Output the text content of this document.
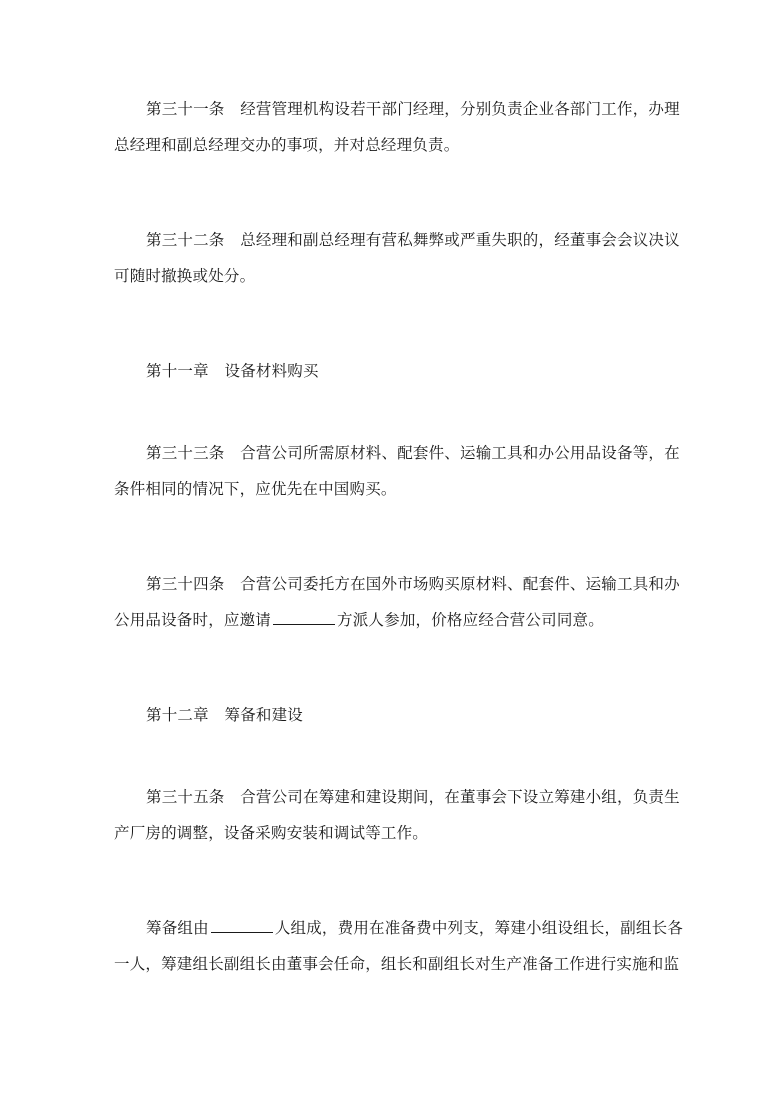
第三十一条　经营管理机构设若干部门经理，分别负责企业各部门工作，办理
总经理和副总经理交办的事项，并对总经理负责。

第三十二条　总经理和副总经理有营私舞弊或严重失职的，经董事会会议决议
可随时撤换或处分。

第十一章　设备材料购买

第三十三条　合营公司所需原材料、配套件、运输工具和办公用品设备等，在
条件相同的情况下，应优先在中国购买。

第三十四条　合营公司委托方在国外市场购买原材料、配套件、运输工具和办
公用品设备时，应邀请	方派人参加，价格应经合营公司同意。

第十二章　筹备和建设

第三十五条　合营公司在筹建和建设期间，在董事会下设立筹建小组，负责生
产厂房的调整，设备采购安装和调试等工作。

筹备组由	人组成，费用在准备费中列支，筹建小组设组长，副组长各
一人，筹建组长副组长由董事会任命，组长和副组长对生产准备工作进行实施和监
